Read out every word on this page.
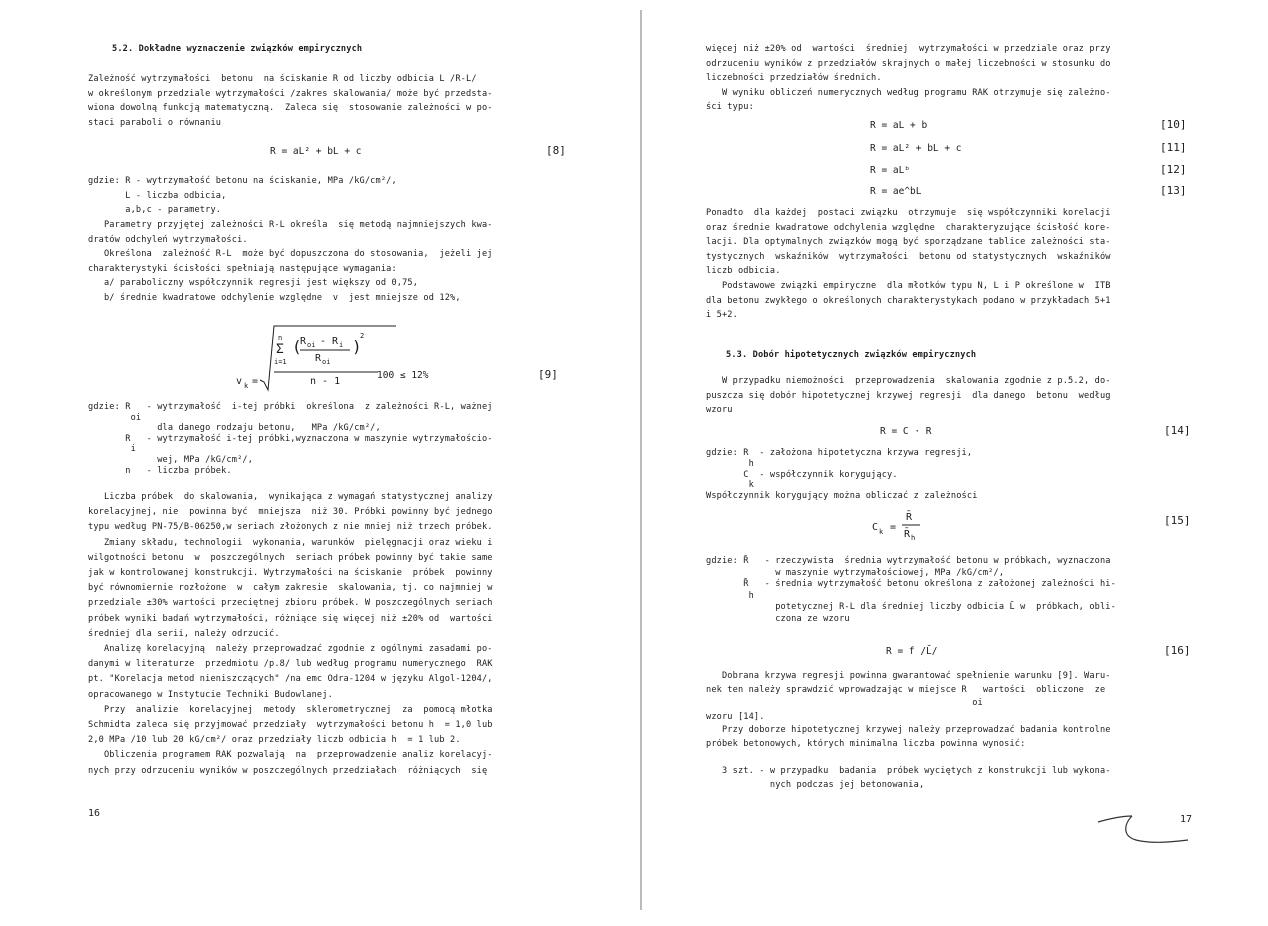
5.2. Dokładne wyznaczenie związków empirycznych
Zależność wytrzymałości  betonu  na ściskanie R od liczby odbicia L /R-L/
w określonym przedziale wytrzymałości /zakres skalowania/ może być przedsta-
wiona dowolną funkcją matematyczną.  Zaleca się  stosowanie zależności w po-
staci paraboli o równaniu
R = aL² + bL + c	[8]
gdzie: R - wytrzymałość betonu na ściskanie, MPa /kG/cm²/,
L - liczba odbicia,
a,b,c - parametry.
Parametry przyjętej zależności R-L określa  się metodą najmniejszych kwa-
dratów odchyleń wytrzymałości.
Określona  zależność R-L  może być dopuszczona do stosowania,  jeżeli jej
charakterystyki ścisłości spełniają następujące wymagania:
a/ paraboliczny współczynnik regresji jest większy od 0,75,
b/ średnie kwadratowe odchylenie względne  v  jest mniejsze od 12%,
v k =
n
Σ
i=1
(
R oi - R i
R oi
)
2
n - 1
100 ≤ 12%	[9]
gdzie: R   - wytrzymałość  i-tej próbki  określona  z zależności R-L, ważnej
oi
dla danego rodzaju betonu,   MPa /kG/cm²/,
R   - wytrzymałość i-tej próbki,wyznaczona w maszynie wytrzymałościo-
i
wej, MPa /kG/cm²/,
n   - liczba próbek.
Liczba próbek  do skalowania,  wynikająca z wymagań statystycznej analizy
korelacyjnej, nie  powinna być  mniejsza  niż 30. Próbki powinny być jednego
typu według PN-75/B-06250,w seriach złożonych z nie mniej niż trzech próbek.
Zmiany składu, technologii  wykonania, warunków  pielęgnacji oraz wieku i
wilgotności betonu  w  poszczególnych  seriach próbek powinny być takie same
jak w kontrolowanej konstrukcji. Wytrzymałości na ściskanie  próbek  powinny
być równomiernie rozłożone  w  całym zakresie  skalowania, tj. co najmniej w
przedziale ±30% wartości przeciętnej zbioru próbek. W poszczególnych seriach
próbek wyniki badań wytrzymałości, różniące się więcej niż ±20% od  wartości
średniej dla serii, należy odrzucić.
Analizę korelacyjną  należy przeprowadzać zgodnie z ogólnymi zasadami po-
danymi w literaturze  przedmiotu /p.8/ lub według programu numerycznego  RAK
pt. "Korelacja metod nieniszczących" /na emc Odra-1204 w języku Algol-1204/,
opracowanego w Instytucie Techniki Budowlanej.
Przy  analizie  korelacyjnej  metody  sklerometrycznej  za  pomocą młotka
Schmidta zaleca się przyjmować przedziały  wytrzymałości betonu h  = 1,0 lub
2,0 MPa /10 lub 20 kG/cm²/ oraz przedziały liczb odbicia h  = 1 lub 2.
Obliczenia programem RAK pozwalają  na  przeprowadzenie analiz korelacyj-
nych przy odrzuceniu wyników w poszczególnych przedziałach  różniących  się
16
więcej niż ±20% od  wartości  średniej  wytrzymałości w przedziale oraz przy
odrzuceniu wyników z przedziałów skrajnych o małej liczebności w stosunku do
liczebności przedziałów średnich.
W wyniku obliczeń numerycznych według programu RAK otrzymuje się zależno-
ści typu:
R = aL + b	[10]
R = aL² + bL + c	[11]
R = aLᵇ	[12]
R = ae^bL	[13]
Ponadto  dla każdej  postaci związku  otrzymuje  się współczynniki korelacji
oraz średnie kwadratowe odchylenia względne  charakteryzujące ścisłość kore-
lacji. Dla optymalnych związków mogą być sporządzane tablice zależności sta-
tystycznych  wskaźników  wytrzymałości  betonu od statystycznych  wskaźników
liczb odbicia.
Podstawowe związki empiryczne  dla młotków typu N, L i P określone w  ITB
dla betonu zwykłego o określonych charakterystykach podano w przykładach 5+1
i 5+2.
5.3. Dobór hipotetycznych związków empirycznych
W przypadku niemożności  przeprowadzenia  skalowania zgodnie z p.5.2, do-
puszcza się dobór hipotetycznej krzywej regresji  dla danego  betonu  według
wzoru
R = C · R	[14]
gdzie: R  - założona hipotetyczna krzywa regresji,
h
C  - współczynnik korygujący.
k
Współczynnik korygujący można obliczać z zależności
C k =
R̄
R̄ h
[15]
gdzie: R̄   - rzeczywista  średnia wytrzymałość betonu w próbkach, wyznaczona
w maszynie wytrzymałościowej, MPa /kG/cm²/,
R̄   - średnia wytrzymałość betonu określona z założonej zależności hi-
h
potetycznej R-L dla średniej liczby odbicia L̄ w  próbkach, obli-
czona ze wzoru
R = f /L̄/	[16]
Dobrana krzywa regresji powinna gwarantować spełnienie warunku [9]. Waru-
nek ten należy sprawdzić wprowadzając w miejsce R   wartości  obliczone  ze
oi
wzoru [14].
Przy doborze hipotetycznej krzywej należy przeprowadzać badania kontrolne
próbek betonowych, których minimalna liczba powinna wynosić:

3 szt. - w przypadku  badania  próbek wyciętych z konstrukcji lub wykona-
nych podczas jej betonowania,
17
